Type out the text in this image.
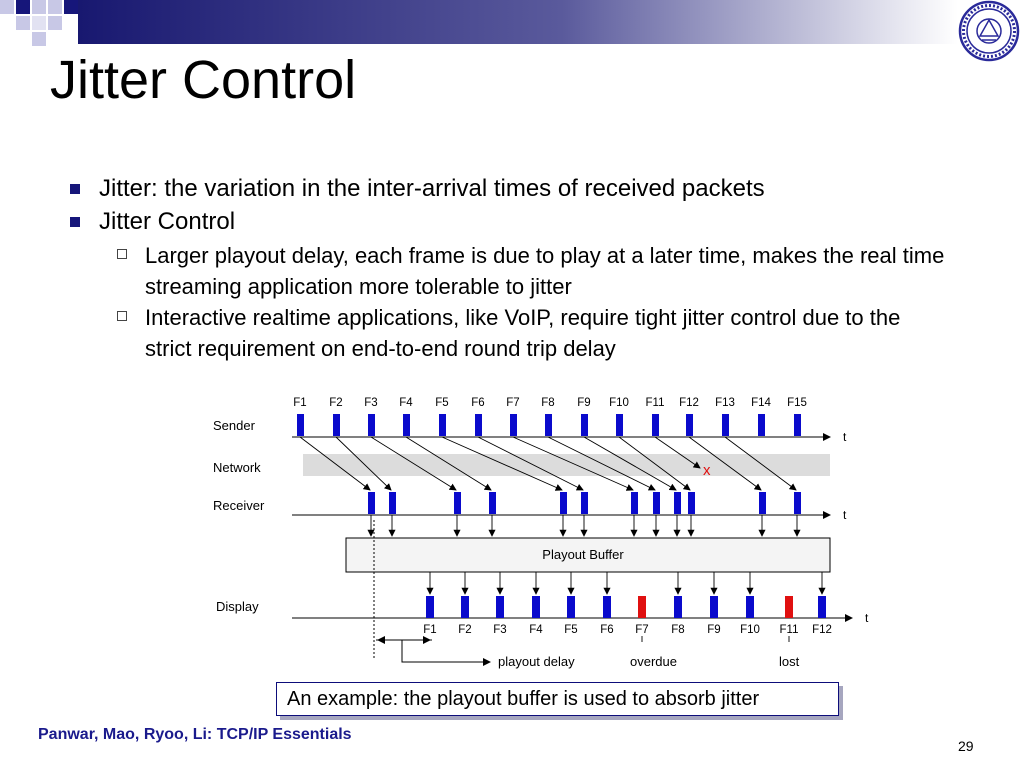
Jitter Control
Jitter: the variation in the inter-arrival times of received packets
Jitter Control
Larger playout delay, each frame is due to play at a later time, makes the real time streaming application more tolerable to jitter
Interactive realtime applications, like VoIP, require tight jitter control due to the strict requirement on end-to-end round trip delay
Sender
Network
Receiver
Display
t
t
t
Playout Buffer
playout delay	overdue	lost
x
F1 F2 F3 F4 F5 F6 F7 F8 F9 F10 F11 F12 F13 F14 F15
F1 F2 F3 F4 F5 F6 F7 F8 F9 F10 F11 F12
An example: the playout buffer is used to absorb jitter
Panwar, Mao, Ryoo, Li: TCP/IP Essentials
29
